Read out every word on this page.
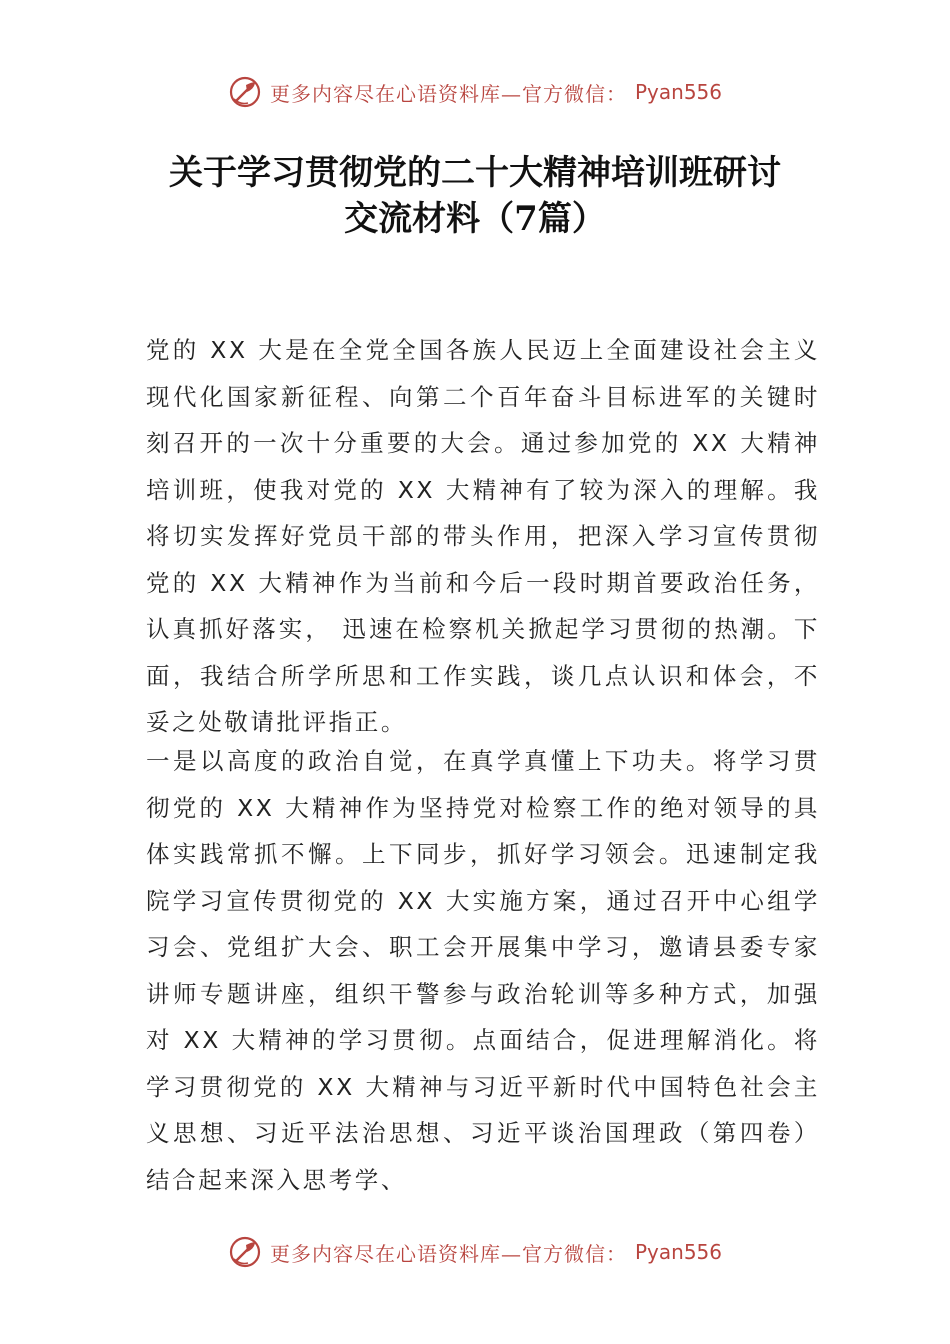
更多内容尽在心语资料库—官方微信： Pyan556
关于学习贯彻党的二十大精神培训班研讨
交流材料（7篇）
党的 XX 大是在全党全国各族人民迈上全面建设社会主义现代化国家新征程、向第二个百年奋斗目标进军的关键时刻召开的一次十分重要的大会。通过参加党的 XX 大精神培训班，使我对党的 XX 大精神有了较为深入的理解。我将切实发挥好党员干部的带头作用，把深入学习宣传贯彻党的 XX 大精神作为当前和今后一段时期首要政治任务，认真抓好落实， 迅速在检察机关掀起学习贯彻的热潮。下面，我结合所学所思和工作实践，谈几点认识和体会，不妥之处敬请批评指正。
一是以高度的政治自觉，在真学真懂上下功夫。将学习贯彻党的 XX 大精神作为坚持党对检察工作的绝对领导的具体实践常抓不懈。上下同步，抓好学习领会。迅速制定我院学习宣传贯彻党的 XX 大实施方案，通过召开中心组学习会、党组扩大会、职工会开展集中学习，邀请县委专家讲师专题讲座，组织干警参与政治轮训等多种方式，加强对 XX 大精神的学习贯彻。点面结合，促进理解消化。将学习贯彻党的 XX 大精神与习近平新时代中国特色社会主义思想、习近平法治思想、习近平谈治国理政（第四卷）结合起来深入思考学、
更多内容尽在心语资料库—官方微信： Pyan556
